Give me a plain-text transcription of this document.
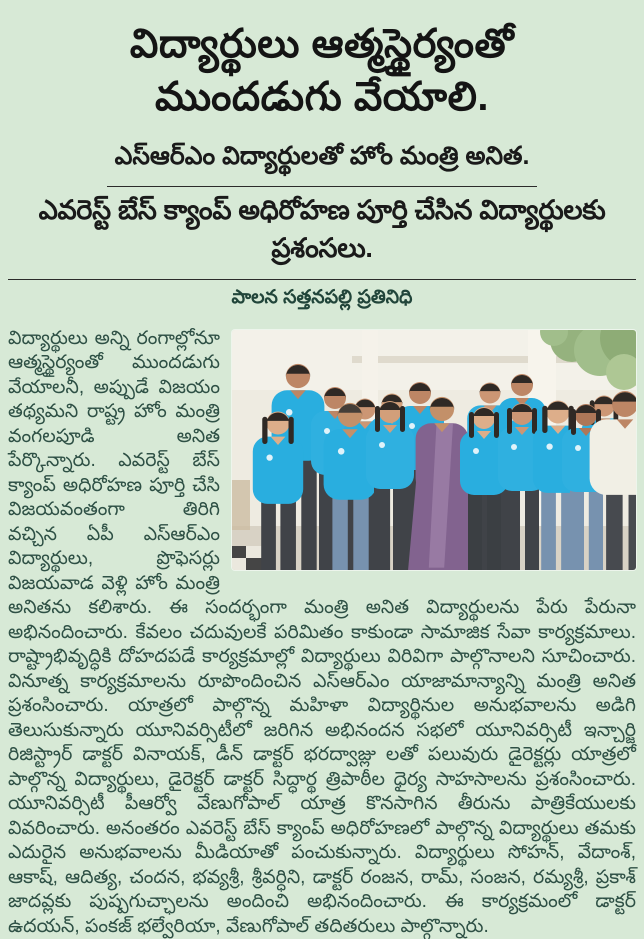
విద్యార్థులు ఆత్మస్థైర్యంతో
ముందడుగు వేయాలి.
ఎస్ఆర్ఎం విద్యార్థులతో హోం మంత్రి అనిత.
ఎవరెస్ట్ బేస్ క్యాంప్ అధిరోహణ పూర్తి చేసిన విద్యార్థులకు ప్రశంసలు.
పాలన సత్తనపల్లి ప్రతినిధి
విద్యార్థులు అన్ని రంగాల్లోనూ ఆత్మస్థైర్యంతో ముందడుగు వేయాలనీ, అప్పుడే విజయం తథ్యమని రాష్ట్ర హోం మంత్రి వంగలపూడి అనిత పేర్కొన్నారు. ఎవరెస్ట్ బేస్ క్యాంప్ అధిరోహణ పూర్తి చేసి విజయవంతంగా తిరిగి వచ్చిన ఏపీ ఎస్ఆర్ఎం విద్యార్థులు, ప్రొఫెసర్లు విజయవాడ వెళ్లి హోం మంత్రి అనితను కలిశారు. ఈ సందర్భంగా మంత్రి అనిత విద్యార్థులను పేరు పేరునా అభినందించారు. కేవలం చదువులకే పరిమితం కాకుండా సామాజిక సేవా కార్యక్రమాలు. రాష్ట్రాభివృద్ధికి దోహదపడే కార్యక్రమాల్లో విద్యార్థులు విరివిగా పాల్గొనాలని సూచించారు. వినూత్న కార్యక్రమాలను రూపొందించిన ఎస్ఆర్ఎం యాజామాన్యాన్ని మంత్రి అనిత ప్రశంసించారు. యాత్రలో పాల్గొన్న మహిళా విద్యార్థినుల అనుభవాలను అడిగి తెలుసుకున్నారు యూనివర్సిటీలో జరిగిన అభినందన సభలో యూనివర్సిటీ ఇన్చార్జి రిజిస్ట్రార్ డాక్టర్ వినాయక్, డీన్ డాక్టర్ భరద్వాజ్లు లతో పలువురు డైరెక్టర్లు యాత్రలో పాల్గొన్న విద్యార్థులు, డైరెక్టర్ డాక్టర్ సిద్ధార్థ త్రిపాఠీల ధైర్య సాహసాలను ప్రశంసించారు. యూనివర్సిటీ పీఆర్వో వేణుగోపాల్ యాత్ర కొనసాగిన తీరును పాత్రికేయులకు వివరించారు. అనంతరం ఎవరెస్ట్ బేస్ క్యాంప్ అధిరోహణలో పాల్గొన్న విద్యార్థులు తమకు ఎదురైన అనుభవాలను మీడియాతో పంచుకున్నారు. విద్యార్థులు సోహన్, వేదాంశ్, ఆకాష్, ఆదిత్య, చందన, భవ్యశ్రీ, శ్రీవర్ధిని, డాక్టర్ రంజన, రామ్, సంజన, రమ్యశ్రీ, ప్రకాశ్ జాదవ్లకు పుష్పగుచ్ఛాలను అందించి అభినందించారు. ఈ కార్యక్రమంలో డాక్టర్ ఉదయన్, పంకజ్ భల్వేరియా, వేణుగోపాల్ తదితరులు పాల్గొన్నారు.
